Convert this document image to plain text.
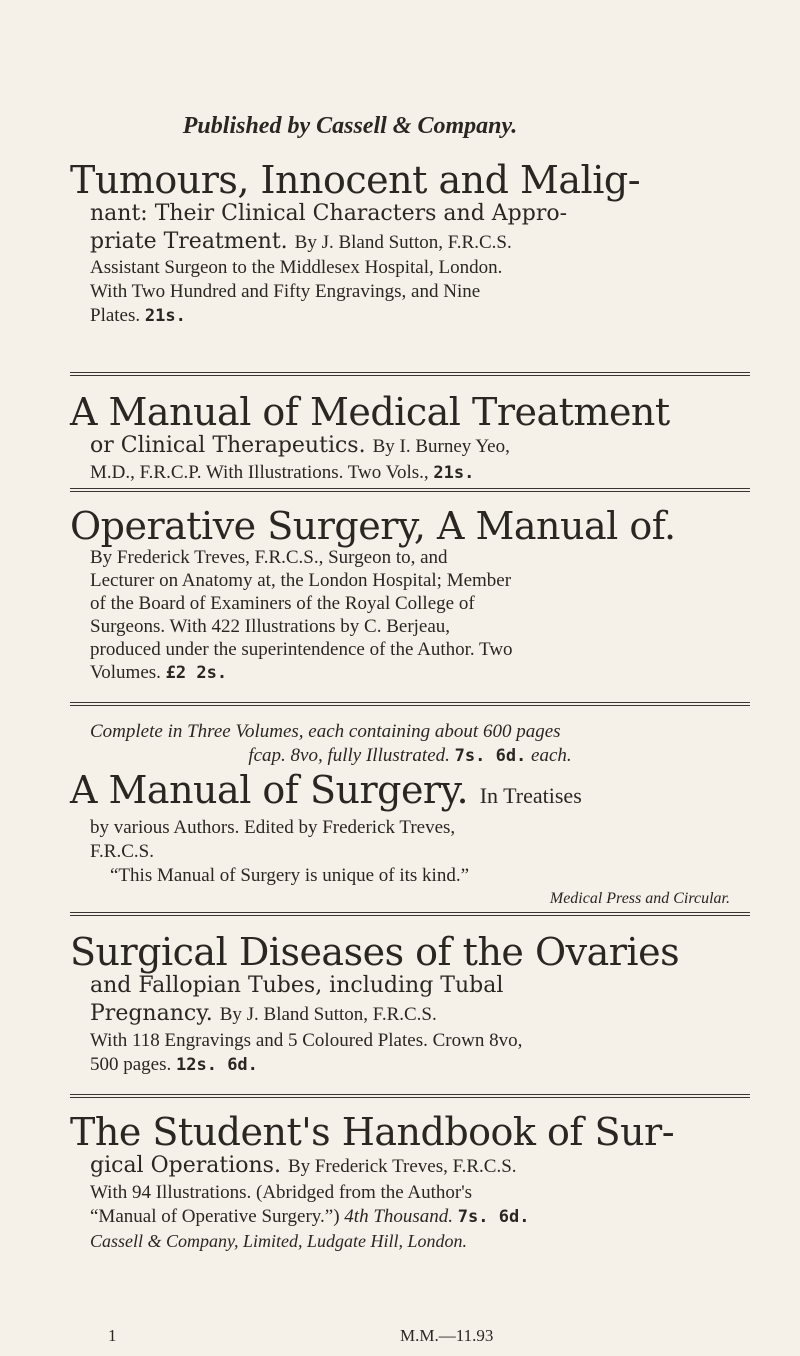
Published by Cassell & Company.

Tumours, Innocent and Malig-

nant: Their Clinical Characters and Appro-

priate Treatment. By J. Bland Sutton, F.R.C.S.

Assistant Surgeon to the Middlesex Hospital, London.

With Two Hundred and Fifty Engravings, and Nine

Plates. 21s.

A Manual of Medical Treatment

or Clinical Therapeutics. By I. Burney Yeo,

M.D., F.R.C.P. With Illustrations. Two Vols., 21s.

Operative Surgery, A Manual of.

By Frederick Treves, F.R.C.S., Surgeon to, and

Lecturer on Anatomy at, the London Hospital; Member

of the Board of Examiners of the Royal College of

Surgeons. With 422 Illustrations by C. Berjeau,

produced under the superintendence of the Author. Two

Volumes. £2 2s.

Complete in Three Volumes, each containing about 600 pages

fcap. 8vo, fully Illustrated. 7s. 6d. each.

A Manual of Surgery. In Treatises

by various Authors. Edited by Frederick Treves,

F.R.C.S.

“This Manual of Surgery is unique of its kind.”

Medical Press and Circular.

Surgical Diseases of the Ovaries

and Fallopian Tubes, including Tubal

Pregnancy. By J. Bland Sutton, F.R.C.S.

With 118 Engravings and 5 Coloured Plates. Crown 8vo,

500 pages. 12s. 6d.

The Student's Handbook of Sur-

gical Operations. By Frederick Treves, F.R.C.S.

With 94 Illustrations. (Abridged from the Author's

“Manual of Operative Surgery.”) 4th Thousand. 7s. 6d.

Cassell & Company, Limited, Ludgate Hill, London.

1	M.M.—11.93
